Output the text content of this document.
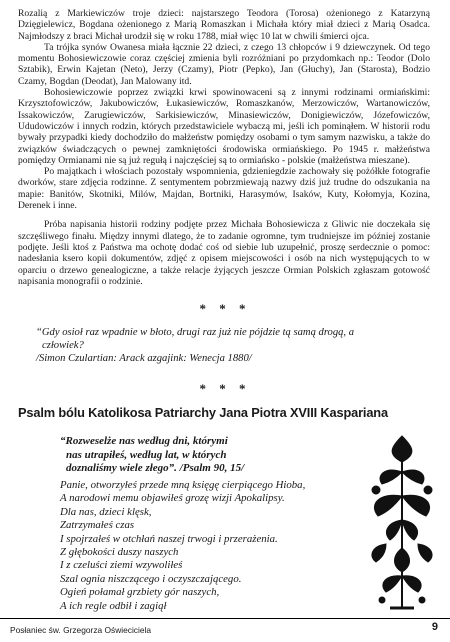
Rozalią z Markiewiczów troje dzieci: najstarszego Teodora (Torosa) ożenionego z Katarzyną Dzięgielewicz, Bogdana ożenionego z Marią Romaszkan i Michała który miał dzieci z Marią Osadca. Najmłodszy z braci Michał urodził się w roku 1788, miał więc 10 lat w chwili śmierci ojca.

Ta trójka synów Owanesa miała łącznie 22 dzieci, z czego 13 chłopców i 9 dziewczynek. Od tego momentu Bohosiewiczowie coraz częściej zmienia byli rozróżniani po przydomkach np.: Teodor (Dolo Sztabik), Erwin Kajetan (Neto), Jerzy (Czamy), Piotr (Pepko), Jan (Głuchy), Jan (Starosta), Bodzio Czamy, Bogdan (Deodat), Jan Malowany itd.

Bohosiewiczowie poprzez związki krwi spowinowaceni są z innymi rodzinami ormiańskimi: Krzysztofowiczów, Jakubowiczów, Łukasiewiczów, Romaszkanów, Merzowiczów, Wartanowiczów, Issakowiczów, Zarugiewiczów, Sarkisiewiczów, Minasiewiczów, Donigiewiczów, Józefowiczów, Ududowiczów i innych rodzin, których przedstawiciele wybaczą mi, jeśli ich pominąłem. W historii rodu bywały przypadki kiedy dochodziło do małżeństw pomiędzy osobami o tym samym nazwisku, a także do związków świadczących o pewnej zamkniętości środowiska ormiańskiego. Po 1945 r. małżeństwa pomiędzy Ormianami nie są już regułą i najczęściej są to ormiańsko - polskie (małżeństwa mieszane).

Po majątkach i włościach pozostały wspomnienia, gdzieniegdzie zachowały się pożółkłe fotografie dworków, stare zdjęcia rodzinne. Z sentymentem pobrzmiewają nazwy dziś już trudne do odszukania na mapie: Banitów, Skotniki, Milów, Majdan, Bortniki, Harasymów, Isaków, Kuty, Kołomyja, Kozina, Derenek i inne.

Próba napisania historii rodziny podjęte przez Michała Bohosiewicza z Gliwic nie doczekała się szczęśliwego finału. Między innymi dlatego, że to zadanie ogromne, tym trudniejsze im później zostanie podjęte. Jeśli ktoś z Państwa ma ochotę dodać coś od siebie lub uzupełnić, proszę serdecznie o pomoc: nadesłania ksero kopii dokumentów, zdjęć z opisem miejscowości i osób na nich występujących to w oparciu o drzewo genealogiczne, a także relacje żyjących jeszcze Ormian Polskich zgłaszam gotowość napisania monografii o rodzinie.

* * *

“Gdy osioł raz wpadnie w błoto, drugi raz już nie pójdzie tą samą drogą, a

człowiek?

/Simon Czulartian: Arack azgajink: Wenecja 1880/

* * *
Psalm bólu Katolikosa Patriarchy Jana Piotra XVIII Kaspariana

“Rozweselże nas według dni, którymi

nas utrapiłeś, według lat, w których

doznaliśmy wiele złego”. /Psalm 90, 15/

Panie, otworzyłeś przede mną księgę cierpiącego Hioba,

A narodowi memu objawiłeś grozę wizji Apokalipsy.

Dla nas, dzieci klęsk,

Zatrzymałeś czas

I spojrzałeś w otchłań naszej trwogi i przerażenia.

Z głębokości duszy naszych

I z czeluści ziemi wzywoliłeś

Szal ognia niszczącego i oczyszczającego.

Ogień połamał grzbiety gór naszych,

A ich regle odbił i zagiął

Posłaniec św. Grzegorza Oświeciciela	9
